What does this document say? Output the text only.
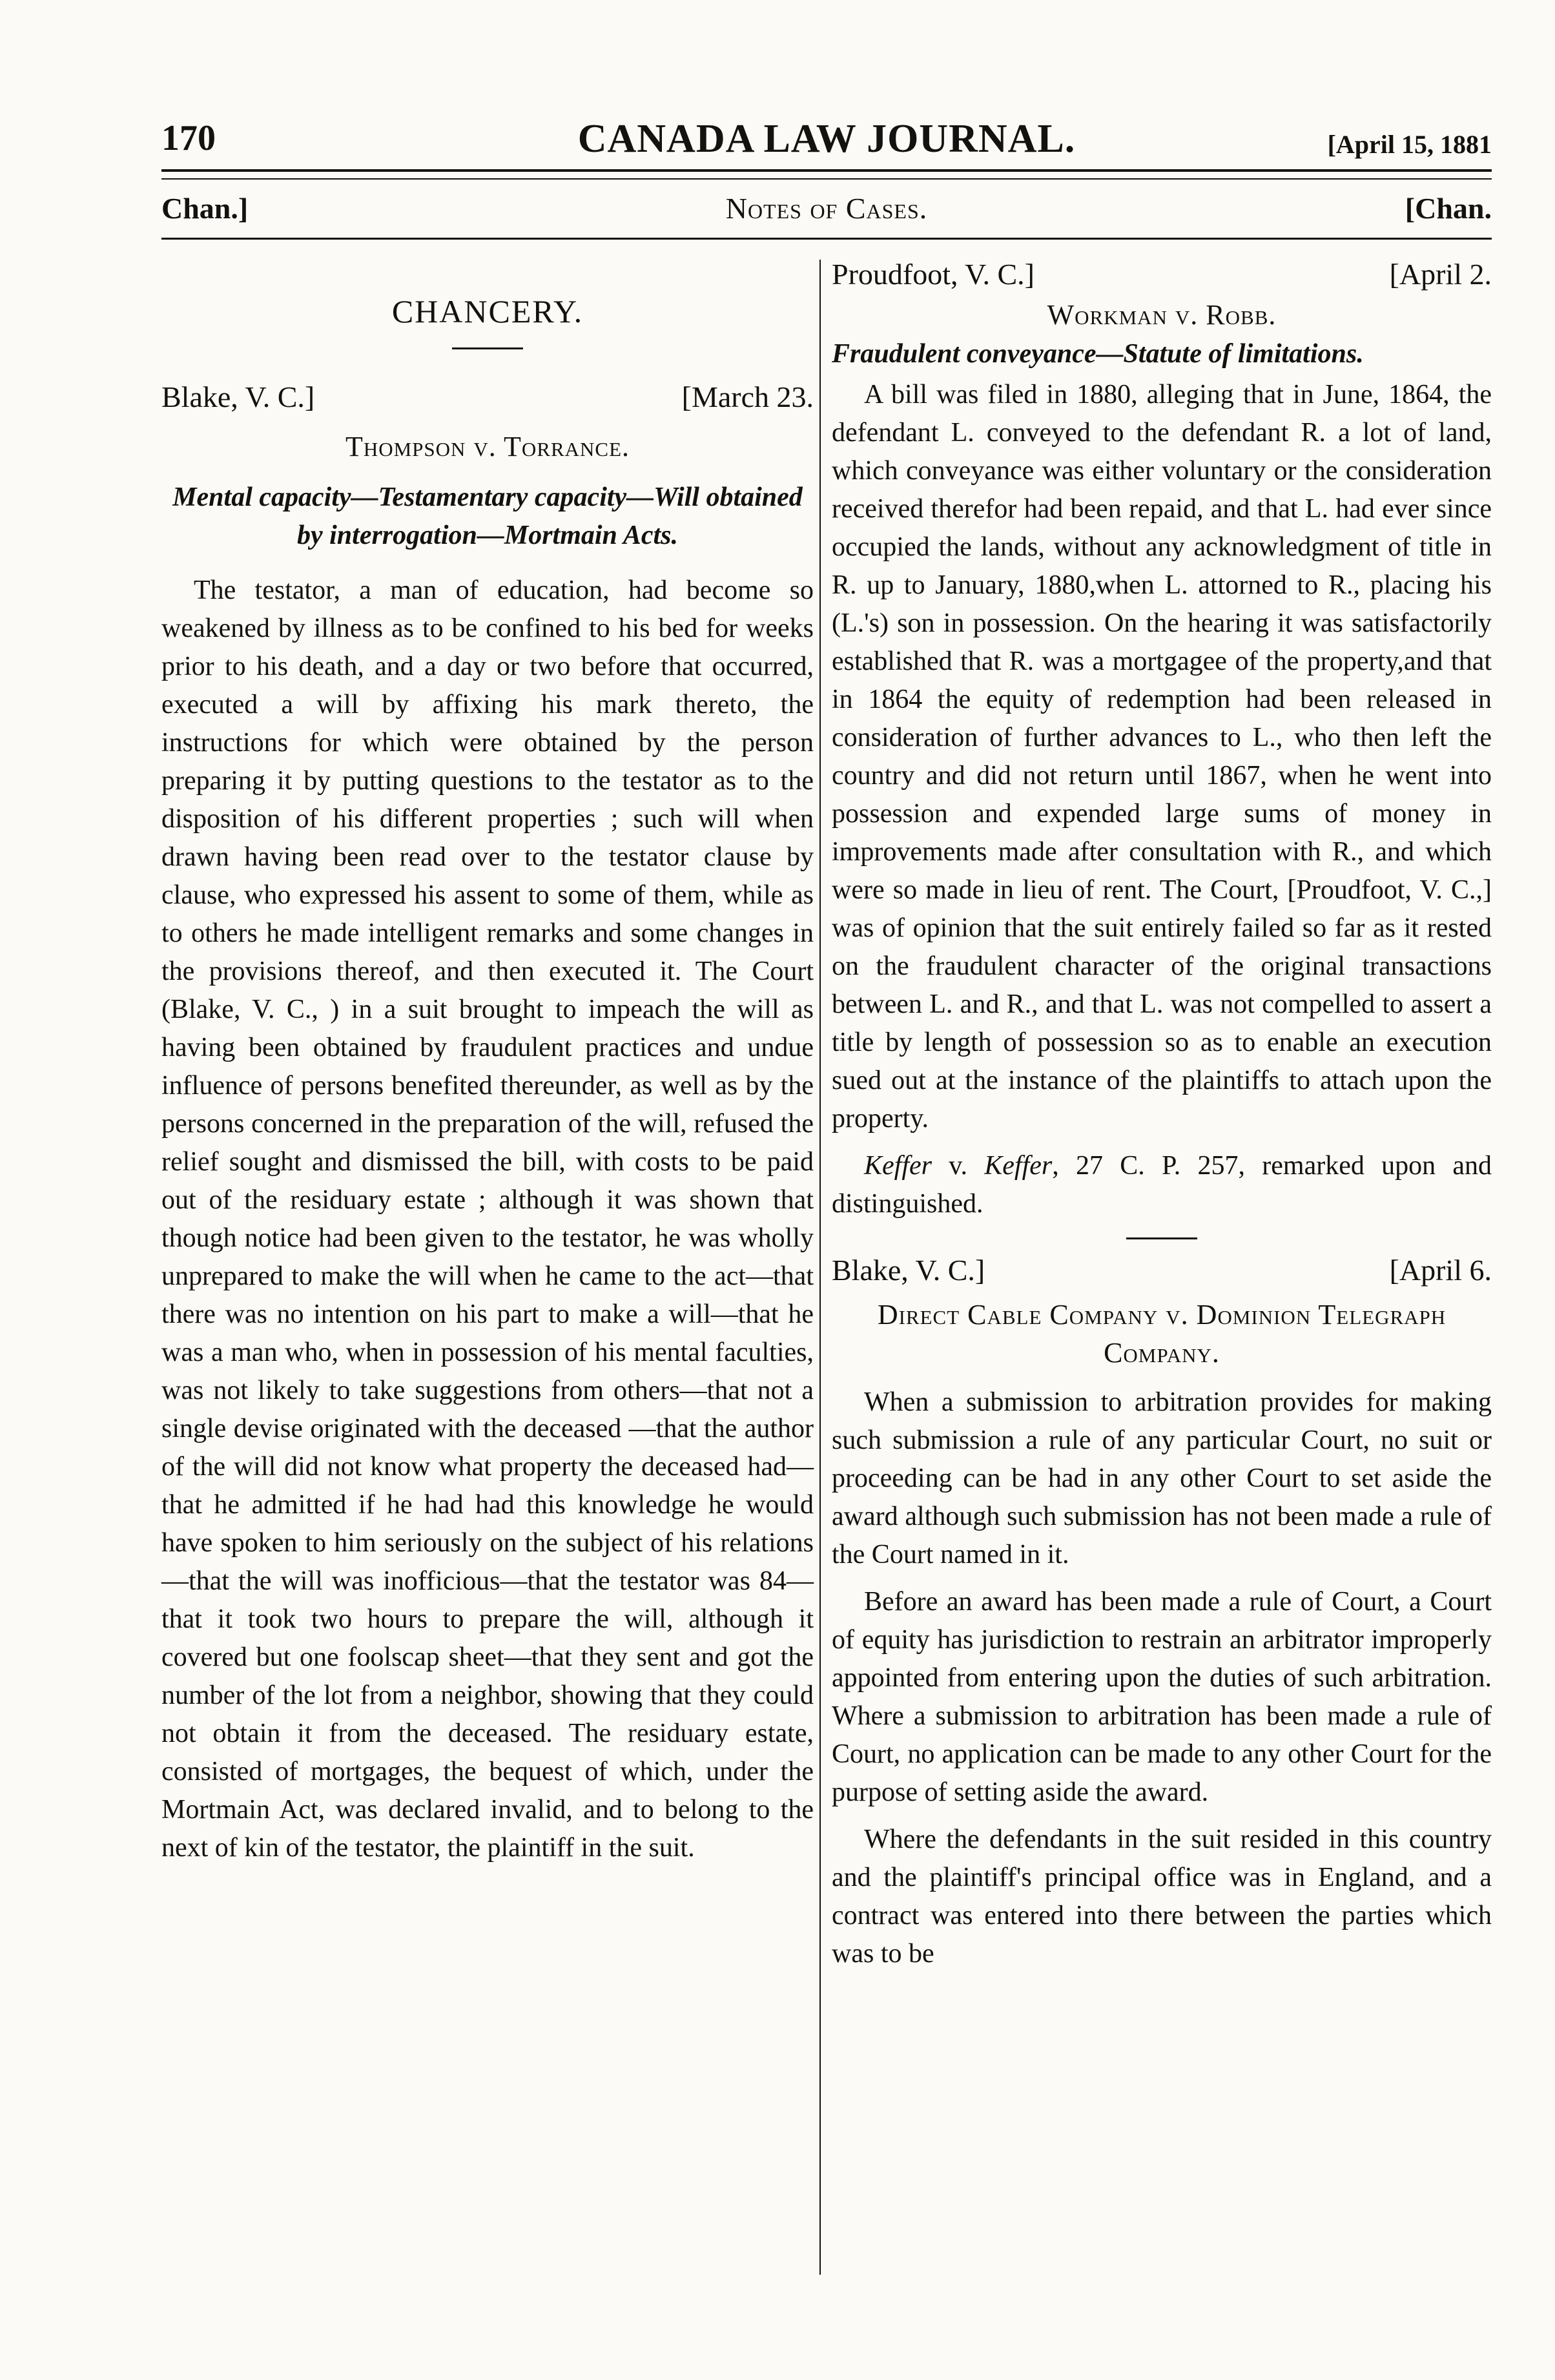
170	CANADA LAW JOURNAL.	[April 15, 1881
Chan.]	Notes of Cases.	[Chan.
CHANCERY.
Blake, V. C.]	[March 23.
Thompson v. Torrance.
Mental capacity—Testamentary capacity—Will obtained by interrogation—Mortmain Acts.

The testator, a man of education, had become so weakened by illness as to be confined to his bed for weeks prior to his death, and a day or two before that occurred, executed a will by affixing his mark thereto, the instructions for which were obtained by the person preparing it by putting questions to the testator as to the disposition of his different properties ; such will when drawn having been read over to the testator clause by clause, who expressed his assent to some of them, while as to others he made intelligent remarks and some changes in the provisions thereof, and then executed it. The Court (Blake, V. C., ) in a suit brought to impeach the will as having been obtained by fraudulent practices and undue influence of persons benefited thereunder, as well as by the persons concerned in the preparation of the will, refused the relief sought and dismissed the bill, with costs to be paid out of the residuary estate ; although it was shown that though notice had been given to the testator, he was wholly unprepared to make the will when he came to the act—that there was no intention on his part to make a will—that he was a man who, when in possession of his mental faculties, was not likely to take suggestions from others—that not a single devise originated with the deceased —that the author of the will did not know what property the deceased had—that he admitted if he had had this knowledge he would have spoken to him seriously on the subject of his relations—that the will was inofficious—that the testator was 84—that it took two hours to prepare the will, although it covered but one foolscap sheet—that they sent and got the number of the lot from a neighbor, showing that they could not obtain it from the deceased. The residuary estate, consisted of mortgages, the bequest of which, under the Mortmain Act, was declared invalid, and to belong to the next of kin of the testator, the plaintiff in the suit.

Proudfoot, V. C.]	[April 2.
Workman v. Robb.
Fraudulent conveyance—Statute of limitations.

A bill was filed in 1880, alleging that in June, 1864, the defendant L. conveyed to the defendant R. a lot of land, which conveyance was either voluntary or the consideration received therefor had been repaid, and that L. had ever since occupied the lands, without any acknowledgment of title in R. up to January, 1880,when L. attorned to R., placing his (L.'s) son in possession. On the hearing it was satisfactorily established that R. was a mortgagee of the property,and that in 1864 the equity of redemption had been released in consideration of further advances to L., who then left the country and did not return until 1867, when he went into possession and expended large sums of money in improvements made after consultation with R., and which were so made in lieu of rent. The Court, [Proudfoot, V. C.,] was of opinion that the suit entirely failed so far as it rested on the fraudulent character of the original transactions between L. and R., and that L. was not compelled to assert a title by length of possession so as to enable an execution sued out at the instance of the plaintiffs to attach upon the property.

Keffer v. Keffer, 27 C. P. 257, remarked upon and distinguished.

Blake, V. C.]	[April 6.
Direct Cable Company v. Dominion Telegraph Company.

When a submission to arbitration provides for making such submission a rule of any particular Court, no suit or proceeding can be had in any other Court to set aside the award although such submission has not been made a rule of the Court named in it.

Before an award has been made a rule of Court, a Court of equity has jurisdiction to restrain an arbitrator improperly appointed from entering upon the duties of such arbitration. Where a submission to arbitration has been made a rule of Court, no application can be made to any other Court for the purpose of setting aside the award.

Where the defendants in the suit resided in this country and the plaintiff's principal office was in England, and a contract was entered into there between the parties which was to be
